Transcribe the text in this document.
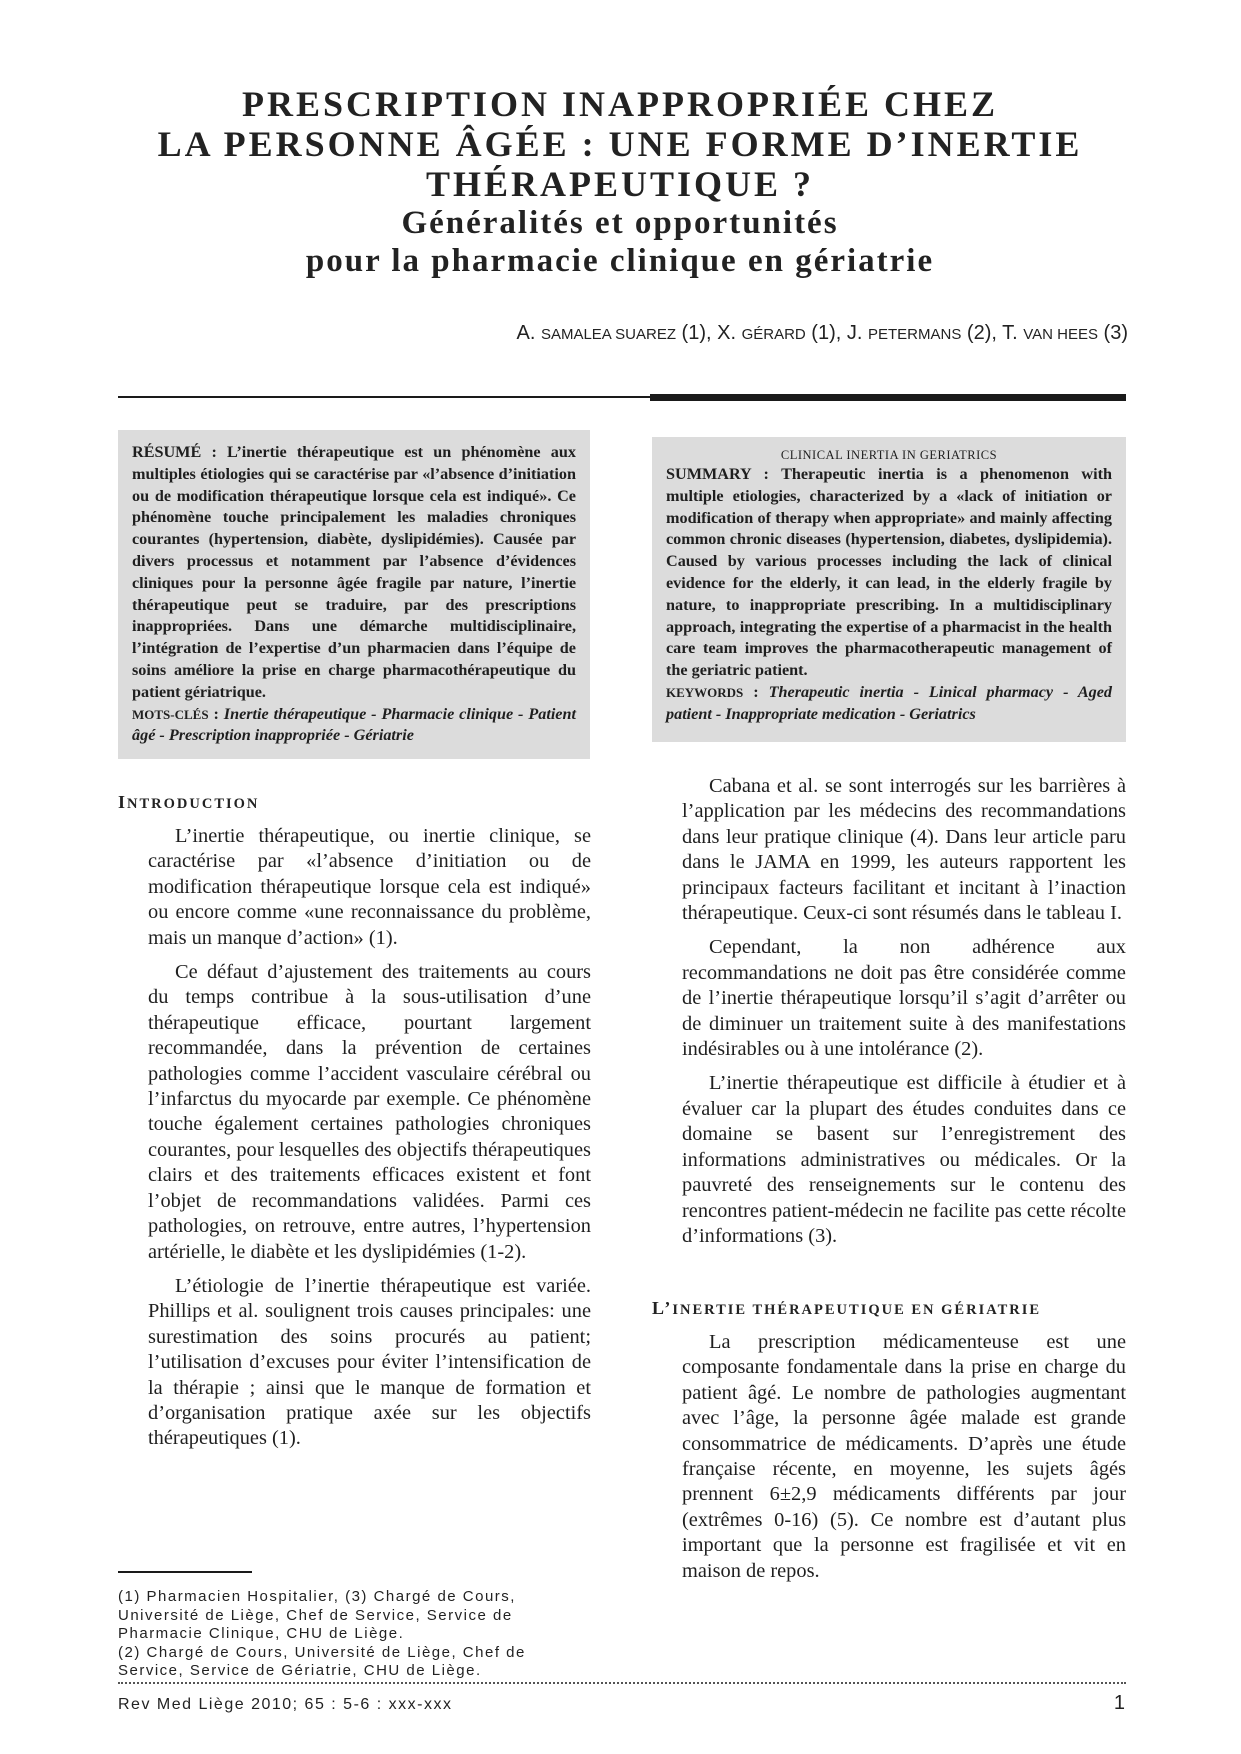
PRESCRIPTION INAPPROPRIÉE CHEZ
LA PERSONNE ÂGÉE : UNE FORME D’INERTIE
THÉRAPEUTIQUE ?
Généralités et opportunités
pour la pharmacie clinique en gériatrie
A. SAMALEA SUAREZ (1), X. GÉRARD (1), J. PETERMANS (2), T. VAN HEES (3)
RÉSUMÉ : L’inertie thérapeutique est un phénomène aux multiples étiologies qui se caractérise par «l’absence d’initiation ou de modification thérapeutique lorsque cela est indiqué». Ce phénomène touche principalement les maladies chroniques courantes (hypertension, diabète, dyslipidémies). Causée par divers processus et notamment par l’absence d’évidences cliniques pour la personne âgée fragile par nature, l’inertie thérapeutique peut se traduire, par des prescriptions inappropriées. Dans une démarche multidisciplinaire, l’intégration de l’expertise d’un pharmacien dans l’équipe de soins améliore la prise en charge pharmacothérapeutique du patient gériatrique.
MOTS-CLÉS : Inertie thérapeutique - Pharmacie clinique - Patient âgé - Prescription inappropriée - Gériatrie
CLINICAL INERTIA IN GERIATRICS
SUMMARY : Therapeutic inertia is a phenomenon with multiple etiologies, characterized by a «lack of initiation or modification of therapy when appropriate» and mainly affecting common chronic diseases (hypertension, diabetes, dyslipidemia). Caused by various processes including the lack of clinical evidence for the elderly, it can lead, in the elderly fragile by nature, to inappropriate prescribing. In a multidisciplinary approach, integrating the expertise of a pharmacist in the health care team improves the pharmacotherapeutic management of the geriatric patient.
KEYWORDS : Therapeutic inertia - Linical pharmacy - Aged patient - Inappropriate medication - Geriatrics
INTRODUCTION

L’inertie thérapeutique, ou inertie clinique, se caractérise par «l’absence d’initiation ou de modification thérapeutique lorsque cela est indiqué» ou encore comme «une reconnaissance du problème, mais un manque d’action» (1).

Ce défaut d’ajustement des traitements au cours du temps contribue à la sous-utilisation d’une thérapeutique efficace, pourtant largement recommandée, dans la prévention de certaines pathologies comme l’accident vasculaire cérébral ou l’infarctus du myocarde par exemple. Ce phénomène touche également certaines pathologies chroniques courantes, pour lesquelles des objectifs thérapeutiques clairs et des traitements efficaces existent et font l’objet de recommandations validées. Parmi ces pathologies, on retrouve, entre autres, l’hypertension artérielle, le diabète et les dyslipidémies (1-2).

L’étiologie de l’inertie thérapeutique est variée. Phillips et al. soulignent trois causes principales: une surestimation des soins procurés au patient; l’utilisation d’excuses pour éviter l’intensification de la thérapie ; ainsi que le manque de formation et d’organisation pratique axée sur les objectifs thérapeutiques (1).

Cabana et al. se sont interrogés sur les barrières à l’application par les médecins des recommandations dans leur pratique clinique (4). Dans leur article paru dans le JAMA en 1999, les auteurs rapportent les principaux facteurs facilitant et incitant à l’inaction thérapeutique. Ceux-ci sont résumés dans le tableau I.

Cependant, la non adhérence aux recommandations ne doit pas être considérée comme de l’inertie thérapeutique lorsqu’il s’agit d’arrêter ou de diminuer un traitement suite à des manifestations indésirables ou à une intolérance (2).

L’inertie thérapeutique est difficile à étudier et à évaluer car la plupart des études conduites dans ce domaine se basent sur l’enregistrement des informations administratives ou médicales. Or la pauvreté des renseignements sur le contenu des rencontres patient-médecin ne facilite pas cette récolte d’informations (3).

L’INERTIE THÉRAPEUTIQUE EN GÉRIATRIE

La prescription médicamenteuse est une composante fondamentale dans la prise en charge du patient âgé. Le nombre de pathologies augmentant avec l’âge, la personne âgée malade est grande consommatrice de médicaments. D’après une étude française récente, en moyenne, les sujets âgés prennent 6±2,9 médicaments différents par jour (extrêmes 0-16) (5). Ce nombre est d’autant plus important que la personne est fragilisée et vit en maison de repos.

(1) Pharmacien Hospitalier, (3) Chargé de Cours, Université de Liège, Chef de Service, Service de Pharmacie Clinique, CHU de Liège.
(2) Chargé de Cours, Université de Liège, Chef de Service, Service de Gériatrie, CHU de Liège.
Rev Med Liège 2010; 65 : 5-6 : xxx-xxx	1
